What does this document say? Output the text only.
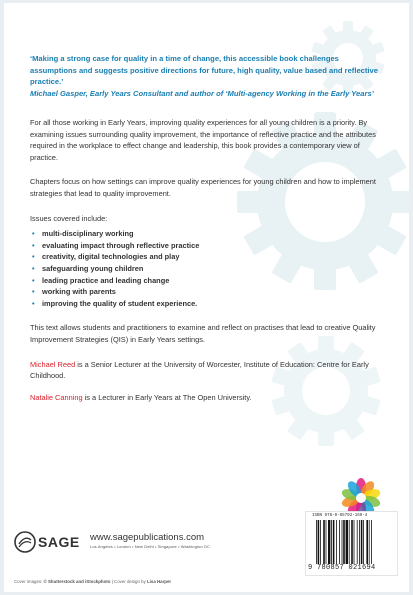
‘Making a strong case for quality in a time of change, this accessible book challenges assumptions and suggests positive directions for future, high quality, value based and reflective practice.’

Michael Gasper, Early Years Consultant and author of ‘Multi-agency Working in the Early Years’

For all those working in Early Years, improving quality experiences for all young children is a priority. By examining issues surrounding quality improvement, the importance of reflective practice and the attributes required in the workplace to effect change and leadership, this book provides a contemporary view of practice.

Chapters focus on how settings can improve quality experiences for young children and how to implement strategies that lead to quality improvement.

Issues covered include:

• multi-disciplinary working
• evaluating impact through reflective practice
• creativity, digital technologies and play
• safeguarding young children
• leading practice and leading change
• working with parents
• improving the quality of student experience.

This text allows students and practitioners to examine and reflect on practises that lead to creative Quality Improvement Strategies (QIS) in Early Years settings.

Michael Reed is a Senior Lecturer at the University of Worcester, Institute of Education: Centre for Early Childhood.

Natalie Canning is a Lecturer in Early Years at The Open University.

SAGE www.sagepublications.com
Los Angeles • London • New Delhi • Singapore • Washington DC
Cover images: © Shutterstock and iStockphoto | Cover design by Lisa Harper
ISBN 978-0-85702-169-4
9 780857 021694
